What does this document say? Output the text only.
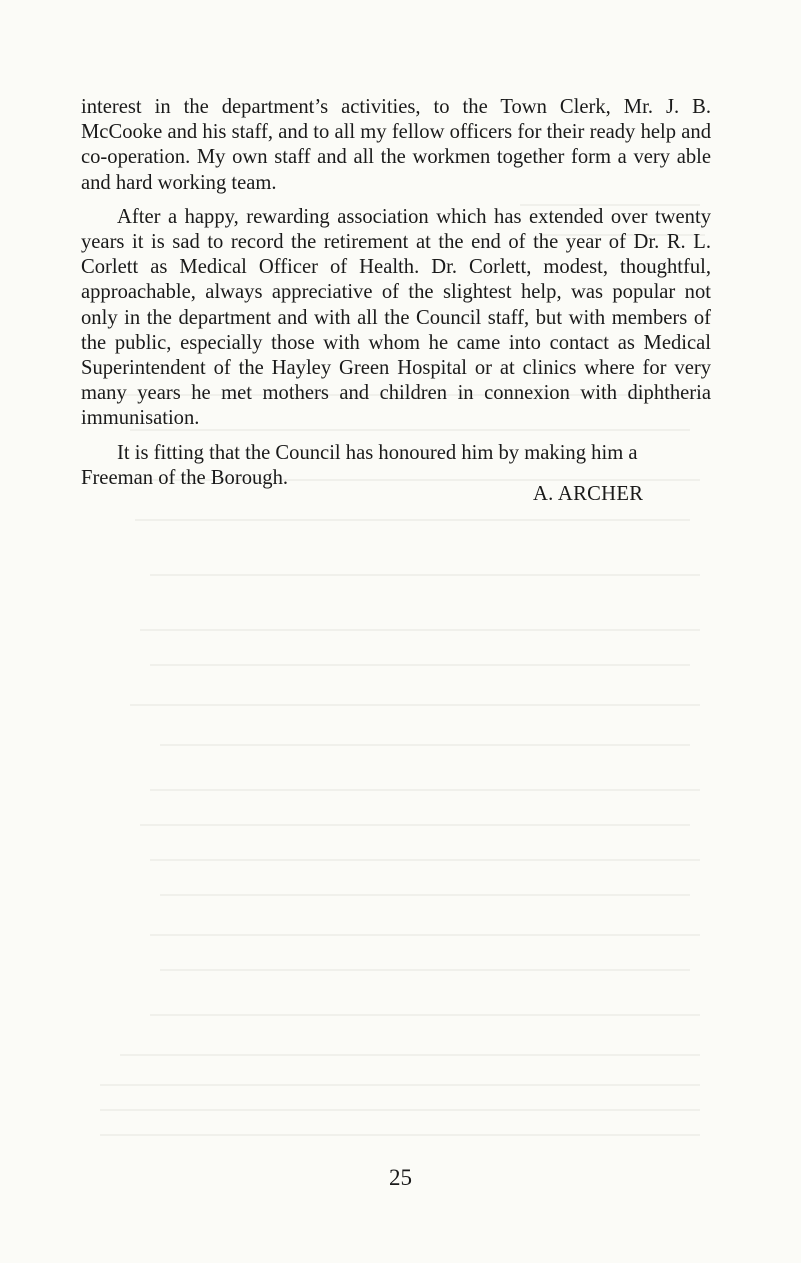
interest in the department’s activities, to the Town Clerk, Mr. J. B. McCooke and his staff, and to all my fellow officers for their ready help and co-operation. My own staff and all the workmen together form a very able and hard working team.

After a happy, rewarding association which has extended over twenty years it is sad to record the retirement at the end of the year of Dr. R. L. Corlett as Medical Officer of Health. Dr. Corlett, modest, thoughtful, approachable, always appreciative of the slightest help, was popular not only in the department and with all the Council staff, but with members of the public, especially those with whom he came into contact as Medical Superintendent of the Hayley Green Hospital or at clinics where for very many years he met mothers and children in connexion with diphtheria immunisation.

It is fitting that the Council has honoured him by making him a Freeman of the Borough.

A. ARCHER
25
